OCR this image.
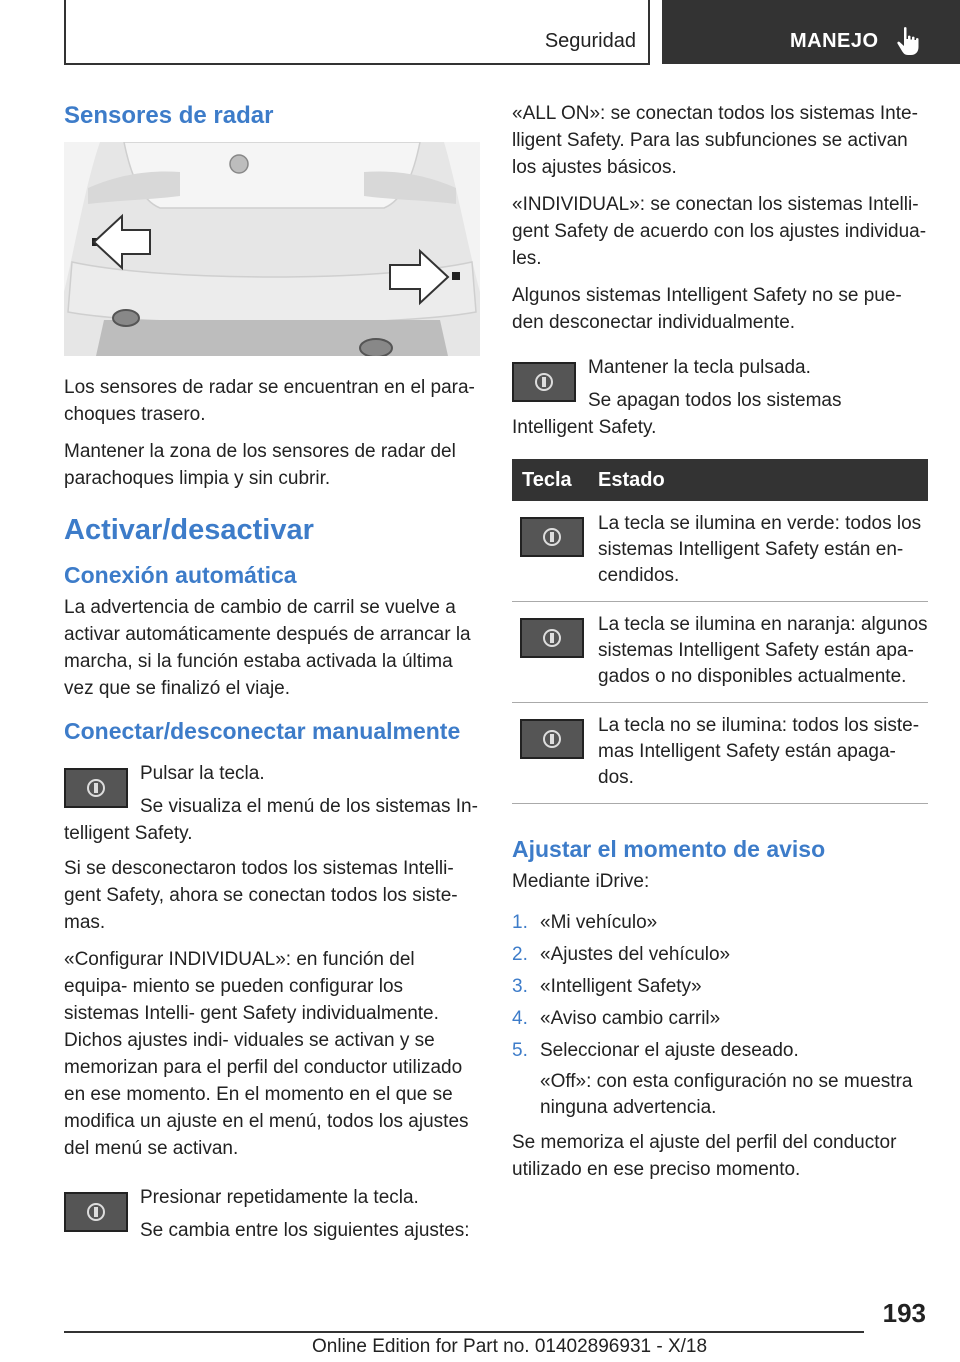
Seguridad	MANEJO
Sensores de radar

Los sensores de radar se encuentran en el para- choques trasero.

Mantener la zona de los sensores de radar del parachoques limpia y sin cubrir.

Activar/desactivar
Conexión automática

La advertencia de cambio de carril se vuelve a activar automáticamente después de arrancar la marcha, si la función estaba activada la última vez que se finalizó el viaje.

Conectar/desconectar manualmente

Pulsar la tecla.

Se visualiza el menú de los sistemas In- telligent Safety.

Si se desconectaron todos los sistemas Intelli- gent Safety, ahora se conectan todos los siste- mas.

«Configurar INDIVIDUAL»: en función del equipa- miento se pueden configurar los sistemas Intelli- gent Safety individualmente. Dichos ajustes indi- viduales se activan y se memorizan para el perfil del conductor utilizado en ese momento. En el momento en el que se modifica un ajuste en el menú, todos los ajustes del menú se activan.

Presionar repetidamente la tecla.

Se cambia entre los siguientes ajustes:

«ALL ON»: se conectan todos los sistemas Inte- lligent Safety. Para las subfunciones se activan los ajustes básicos.

«INDIVIDUAL»: se conectan los sistemas Intelli- gent Safety de acuerdo con los ajustes individua- les.

Algunos sistemas Intelligent Safety no se pue- den desconectar individualmente.

Mantener la tecla pulsada.

Se apagan todos los sistemas Intelligent Safety.

Tecla	Estado

	La tecla se ilumina en verde: todos los sistemas Intelligent Safety están en- cendidos.

	La tecla se ilumina en naranja: algunos sistemas Intelligent Safety están apa- gados o no disponibles actualmente.

	La tecla no se ilumina: todos los siste- mas Intelligent Safety están apaga- dos.
Ajustar el momento de aviso

Mediante iDrive:

1. «Mi vehículo»
2. «Ajustes del vehículo»
3. «Intelligent Safety»
4. «Aviso cambio carril»
5. Seleccionar el ajuste deseado.
«Off»: con esta configuración no se muestra ninguna advertencia.

Se memoriza el ajuste del perfil del conductor utilizado en ese preciso momento.

193
Online Edition for Part no. 01402896931 - X/18
